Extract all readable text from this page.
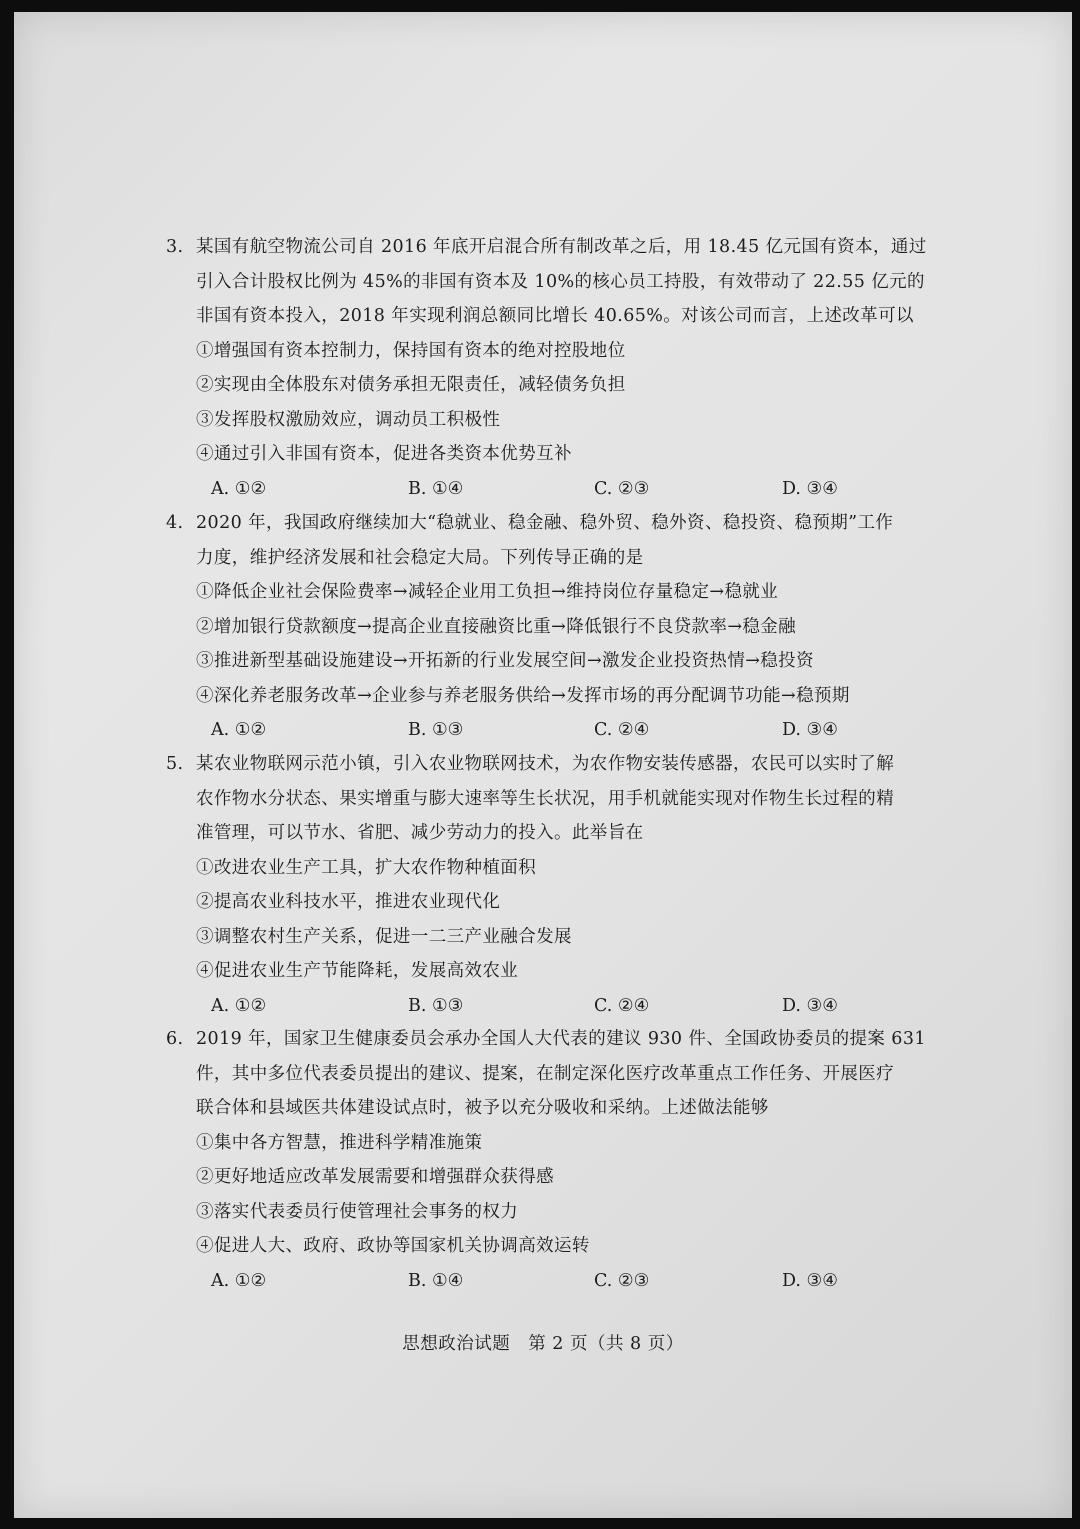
3. 某国有航空物流公司自 2016 年底开启混合所有制改革之后，用 18.45 亿元国有资本，通过
引入合计股权比例为 45%的非国有资本及 10%的核心员工持股，有效带动了 22.55 亿元的
非国有资本投入，2018 年实现利润总额同比增长 40.65%。对该公司而言，上述改革可以
①增强国有资本控制力，保持国有资本的绝对控股地位
②实现由全体股东对债务承担无限责任，减轻债务负担
③发挥股权激励效应，调动员工积极性
④通过引入非国有资本，促进各类资本优势互补
A. ①②	B. ①④	C. ②③	D. ③④
4. 2020 年，我国政府继续加大“稳就业、稳金融、稳外贸、稳外资、稳投资、稳预期”工作
力度，维护经济发展和社会稳定大局。下列传导正确的是
①降低企业社会保险费率→减轻企业用工负担→维持岗位存量稳定→稳就业
②增加银行贷款额度→提高企业直接融资比重→降低银行不良贷款率→稳金融
③推进新型基础设施建设→开拓新的行业发展空间→激发企业投资热情→稳投资
④深化养老服务改革→企业参与养老服务供给→发挥市场的再分配调节功能→稳预期
A. ①②	B. ①③	C. ②④	D. ③④
5. 某农业物联网示范小镇，引入农业物联网技术，为农作物安装传感器，农民可以实时了解
农作物水分状态、果实增重与膨大速率等生长状况，用手机就能实现对作物生长过程的精
准管理，可以节水、省肥、减少劳动力的投入。此举旨在
①改进农业生产工具，扩大农作物种植面积
②提高农业科技水平，推进农业现代化
③调整农村生产关系，促进一二三产业融合发展
④促进农业生产节能降耗，发展高效农业
A. ①②	B. ①③	C. ②④	D. ③④
6. 2019 年，国家卫生健康委员会承办全国人大代表的建议 930 件、全国政协委员的提案 631
件，其中多位代表委员提出的建议、提案，在制定深化医疗改革重点工作任务、开展医疗
联合体和县域医共体建设试点时，被予以充分吸收和采纳。上述做法能够
①集中各方智慧，推进科学精准施策
②更好地适应改革发展需要和增强群众获得感
③落实代表委员行使管理社会事务的权力
④促进人大、政府、政协等国家机关协调高效运转
A. ①②	B. ①④	C. ②③	D. ③④
思想政治试题　第 2 页（共 8 页）
